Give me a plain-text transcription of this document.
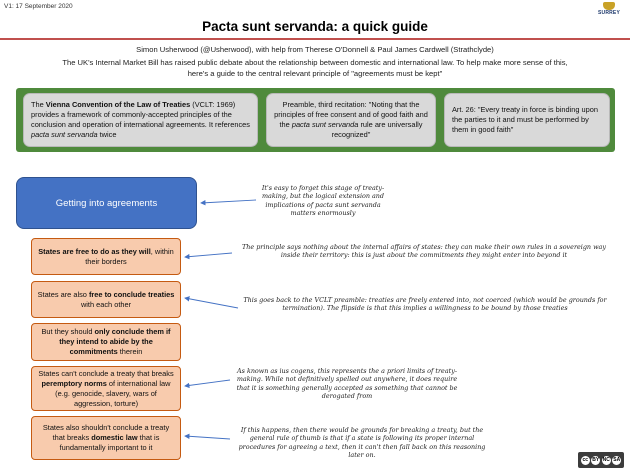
V1: 17 September 2020
SURREY
Pacta sunt servanda: a quick guide
Simon Usherwood (@Usherwood), with help from Therese O'Donnell & Paul James Cardwell (Strathclyde)
The UK's Internal Market Bill has raised public debate about the relationship between domestic and international law. To help make more sense of this, here's a guide to the central relevant principle of "agreements must be kept"
The Vienna Convention of the Law of Treaties (VCLT: 1969) provides a framework of commonly-accepted principles of the conclusion and operation of international agreements. It references pacta sunt servanda twice
Preamble, third recitation: "Noting that the principles of free consent and of good faith and the pacta sunt servanda rule are universally recognized"
Art. 26: "Every treaty in force is binding upon the parties to it and must be performed by them in good faith"
Getting into agreements
States are free to do as they will, within their borders
States are also free to conclude treaties with each other
But they should only conclude them if they intend to abide by the commitments therein
States can't conclude a treaty that breaks peremptory norms of international law (e.g. genocide, slavery, wars of aggression, torture)
States also shouldn't conclude a treaty that breaks domestic law that is fundamentally important to it
It's easy to forget this stage of treaty-making, but the logical extension and implications of pacta sunt servanda matters enormously
The principle says nothing about the internal affairs of states: they can make their own rules in a sovereign way inside their territory: this is just about the commitments they might enter into beyond it
This goes back to the VCLT preamble: treaties are freely entered into, not coerced (which would be grounds for termination). The flipside is that this implies a willingness to be bound by those treaties
As known as ius cogens, this represents the a priori limits of treaty-making. While not definitively spelled out anywhere, it does require that it is something generally accepted as something that cannot be derogated from
If this happens, then there would be grounds for breaking a treaty, but the general rule of thumb is that if a state is following its proper internal procedures for agreeing a text, then it can't then fall back on this reasoning later on.
cc BY NC SA
